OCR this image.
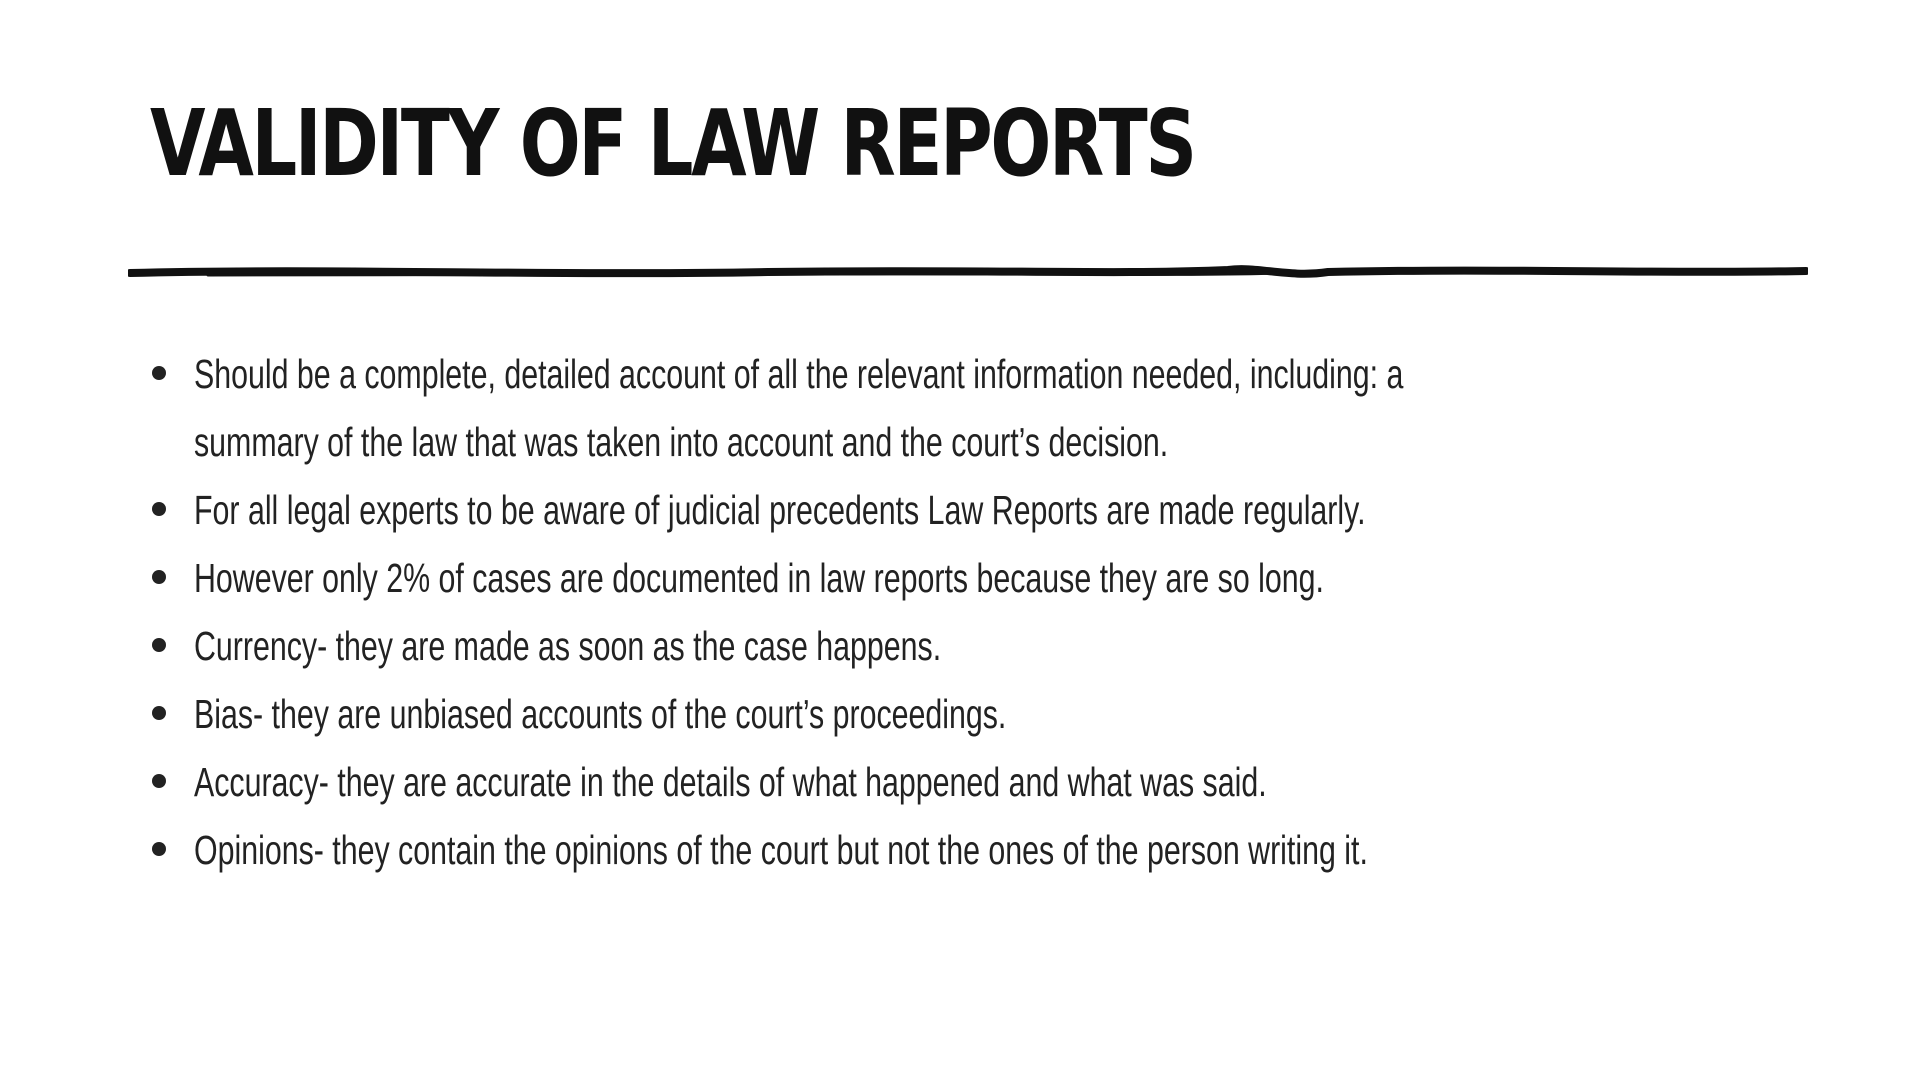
VALIDITY OF LAW REPORTS
Should be a complete, detailed account of all the relevant information needed, including: a summary of the law that was taken into account and the court’s decision.
For all legal experts to be aware of judicial precedents Law Reports are made regularly.
However only 2% of cases are documented in law reports because they are so long.
Currency- they are made as soon as the case happens.
Bias- they are unbiased accounts of the court’s proceedings.
Accuracy- they are accurate in the details of what happened and what was said.
Opinions- they contain the opinions of the court but not the ones of the person writing it.
